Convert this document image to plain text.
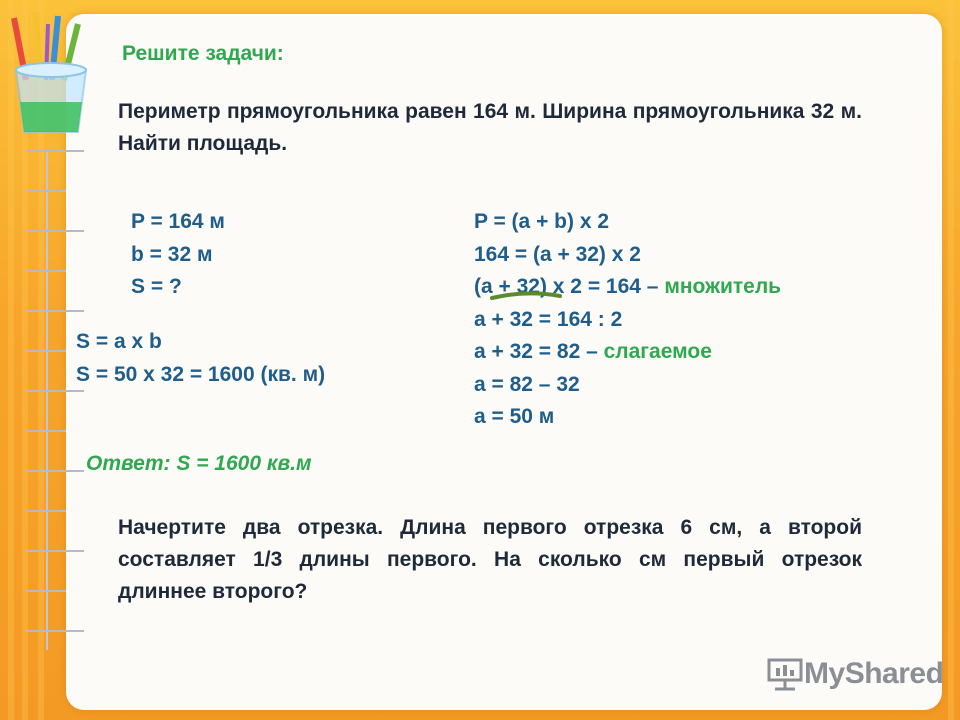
Решите задачи:
Периметр прямоугольника равен 164 м. Ширина прямоугольника 32 м. Найти площадь.
P = 164 м
b = 32 м
S = ?
S = a x b
S = 50 x 32 = 1600 (кв. м)
P = (a + b) x 2
164 = (a + 32) x 2
(a + 32) x 2 = 164 – множитель
a + 32 = 164 : 2
a + 32 = 82 – слагаемое
a = 82 – 32
a = 50 м
Ответ: S = 1600 кв.м
Начертите два отрезка. Длина первого отрезка 6 см, а второй составляет 1/3 длины первого. На сколько см первый отрезок длиннее второго?
MyShared
